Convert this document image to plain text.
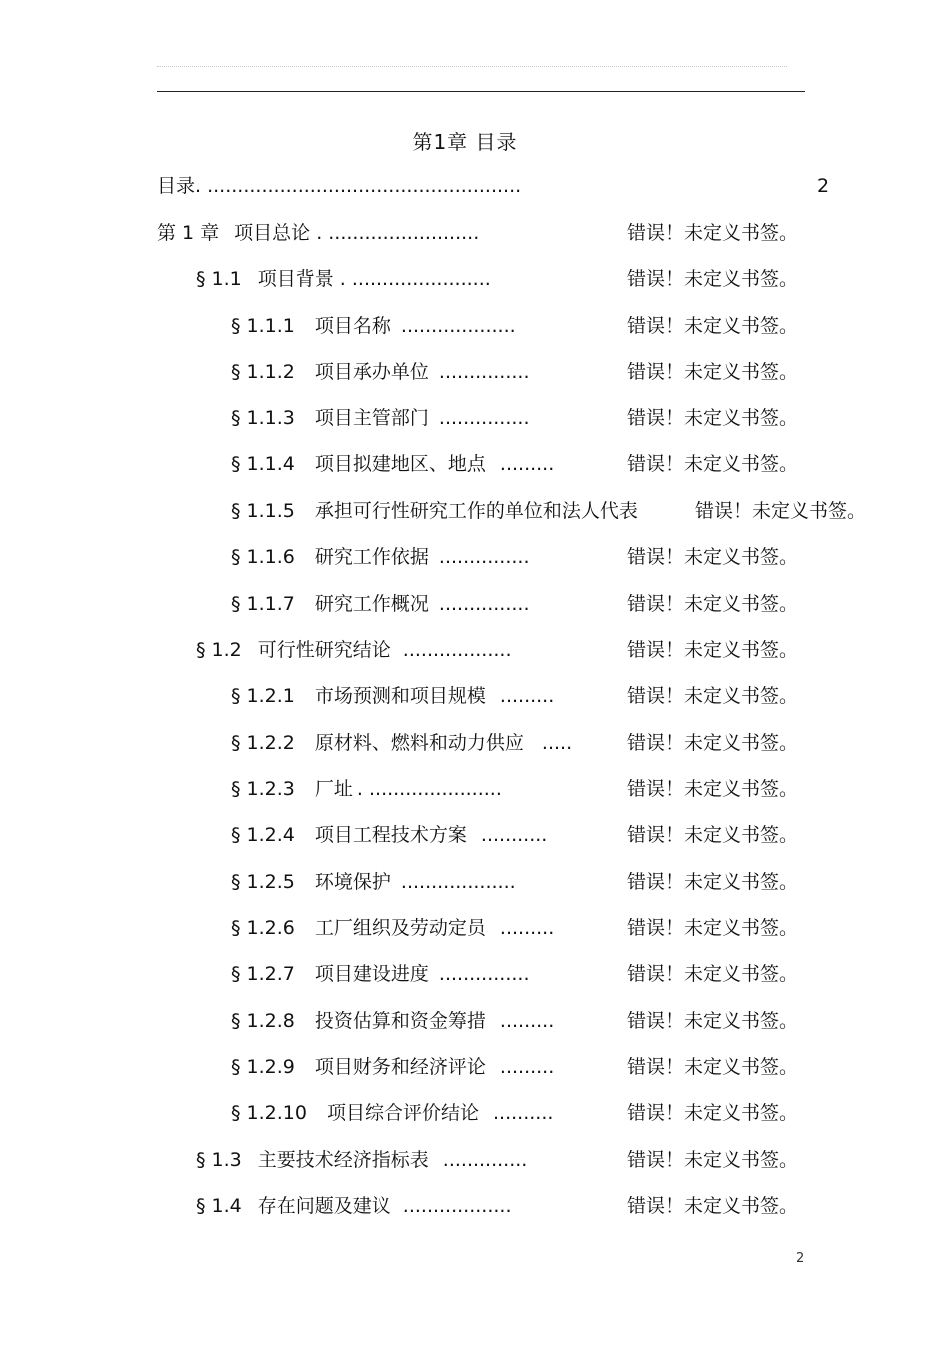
第1章 目录
目录. ....................................................	2
第 1 章 项目总论 . .........................	错误！未定义书签。
§ 1.1 项目背景 . .......................	错误！未定义书签。
§ 1.1.1 项目名称 ...................	错误！未定义书签。
§ 1.1.2 项目承办单位 ...............	错误！未定义书签。
§ 1.1.3 项目主管部门 ...............	错误！未定义书签。
§ 1.1.4 项目拟建地区、地点 .........	错误！未定义书签。
§ 1.1.5 承担可行性研究工作的单位和法人代表	错误！未定义书签。
§ 1.1.6 研究工作依据 ...............	错误！未定义书签。
§ 1.1.7 研究工作概况 ...............	错误！未定义书签。
§ 1.2 可行性研究结论 ..................	错误！未定义书签。
§ 1.2.1 市场预测和项目规模 .........	错误！未定义书签。
§ 1.2.2 原材料、燃料和动力供应 .....	错误！未定义书签。
§ 1.2.3 厂址 . ......................	错误！未定义书签。
§ 1.2.4 项目工程技术方案 ...........	错误！未定义书签。
§ 1.2.5 环境保护 ...................	错误！未定义书签。
§ 1.2.6 工厂组织及劳动定员 .........	错误！未定义书签。
§ 1.2.7 项目建设进度 ...............	错误！未定义书签。
§ 1.2.8 投资估算和资金筹措 .........	错误！未定义书签。
§ 1.2.9 项目财务和经济评论 .........	错误！未定义书签。
§ 1.2.10 项目综合评价结论 ..........	错误！未定义书签。
§ 1.3 主要技术经济指标表 ..............	错误！未定义书签。
§ 1.4 存在问题及建议 ..................	错误！未定义书签。
2
